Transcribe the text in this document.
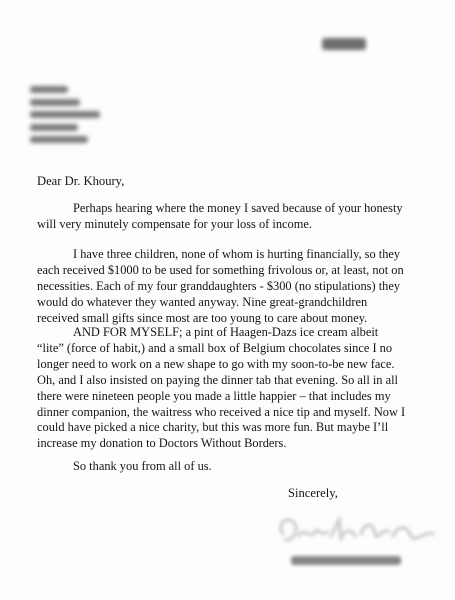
Dear Dr. Khoury,

Perhaps hearing where the money I saved because of your honesty
will very minutely compensate for your loss of income.

I have three children, none of whom is hurting financially, so they
each received $1000 to be used for something frivolous or, at least, not on
necessities. Each of my four granddaughters - $300 (no stipulations) they
would do whatever they wanted anyway. Nine great-grandchildren
received small gifts since most are too young to care about money.

AND FOR MYSELF; a pint of Haagen-Dazs ice cream albeit
“lite” (force of habit,) and a small box of Belgium chocolates since I no
longer need to work on a new shape to go with my soon-to-be new face.
Oh, and I also insisted on paying the dinner tab that evening. So all in all
there were nineteen people you made a little happier – that includes my
dinner companion, the waitress who received a nice tip and myself. Now I
could have picked a nice charity, but this was more fun. But maybe I’ll
increase my donation to Doctors Without Borders.

So thank you from all of us.

Sincerely,
